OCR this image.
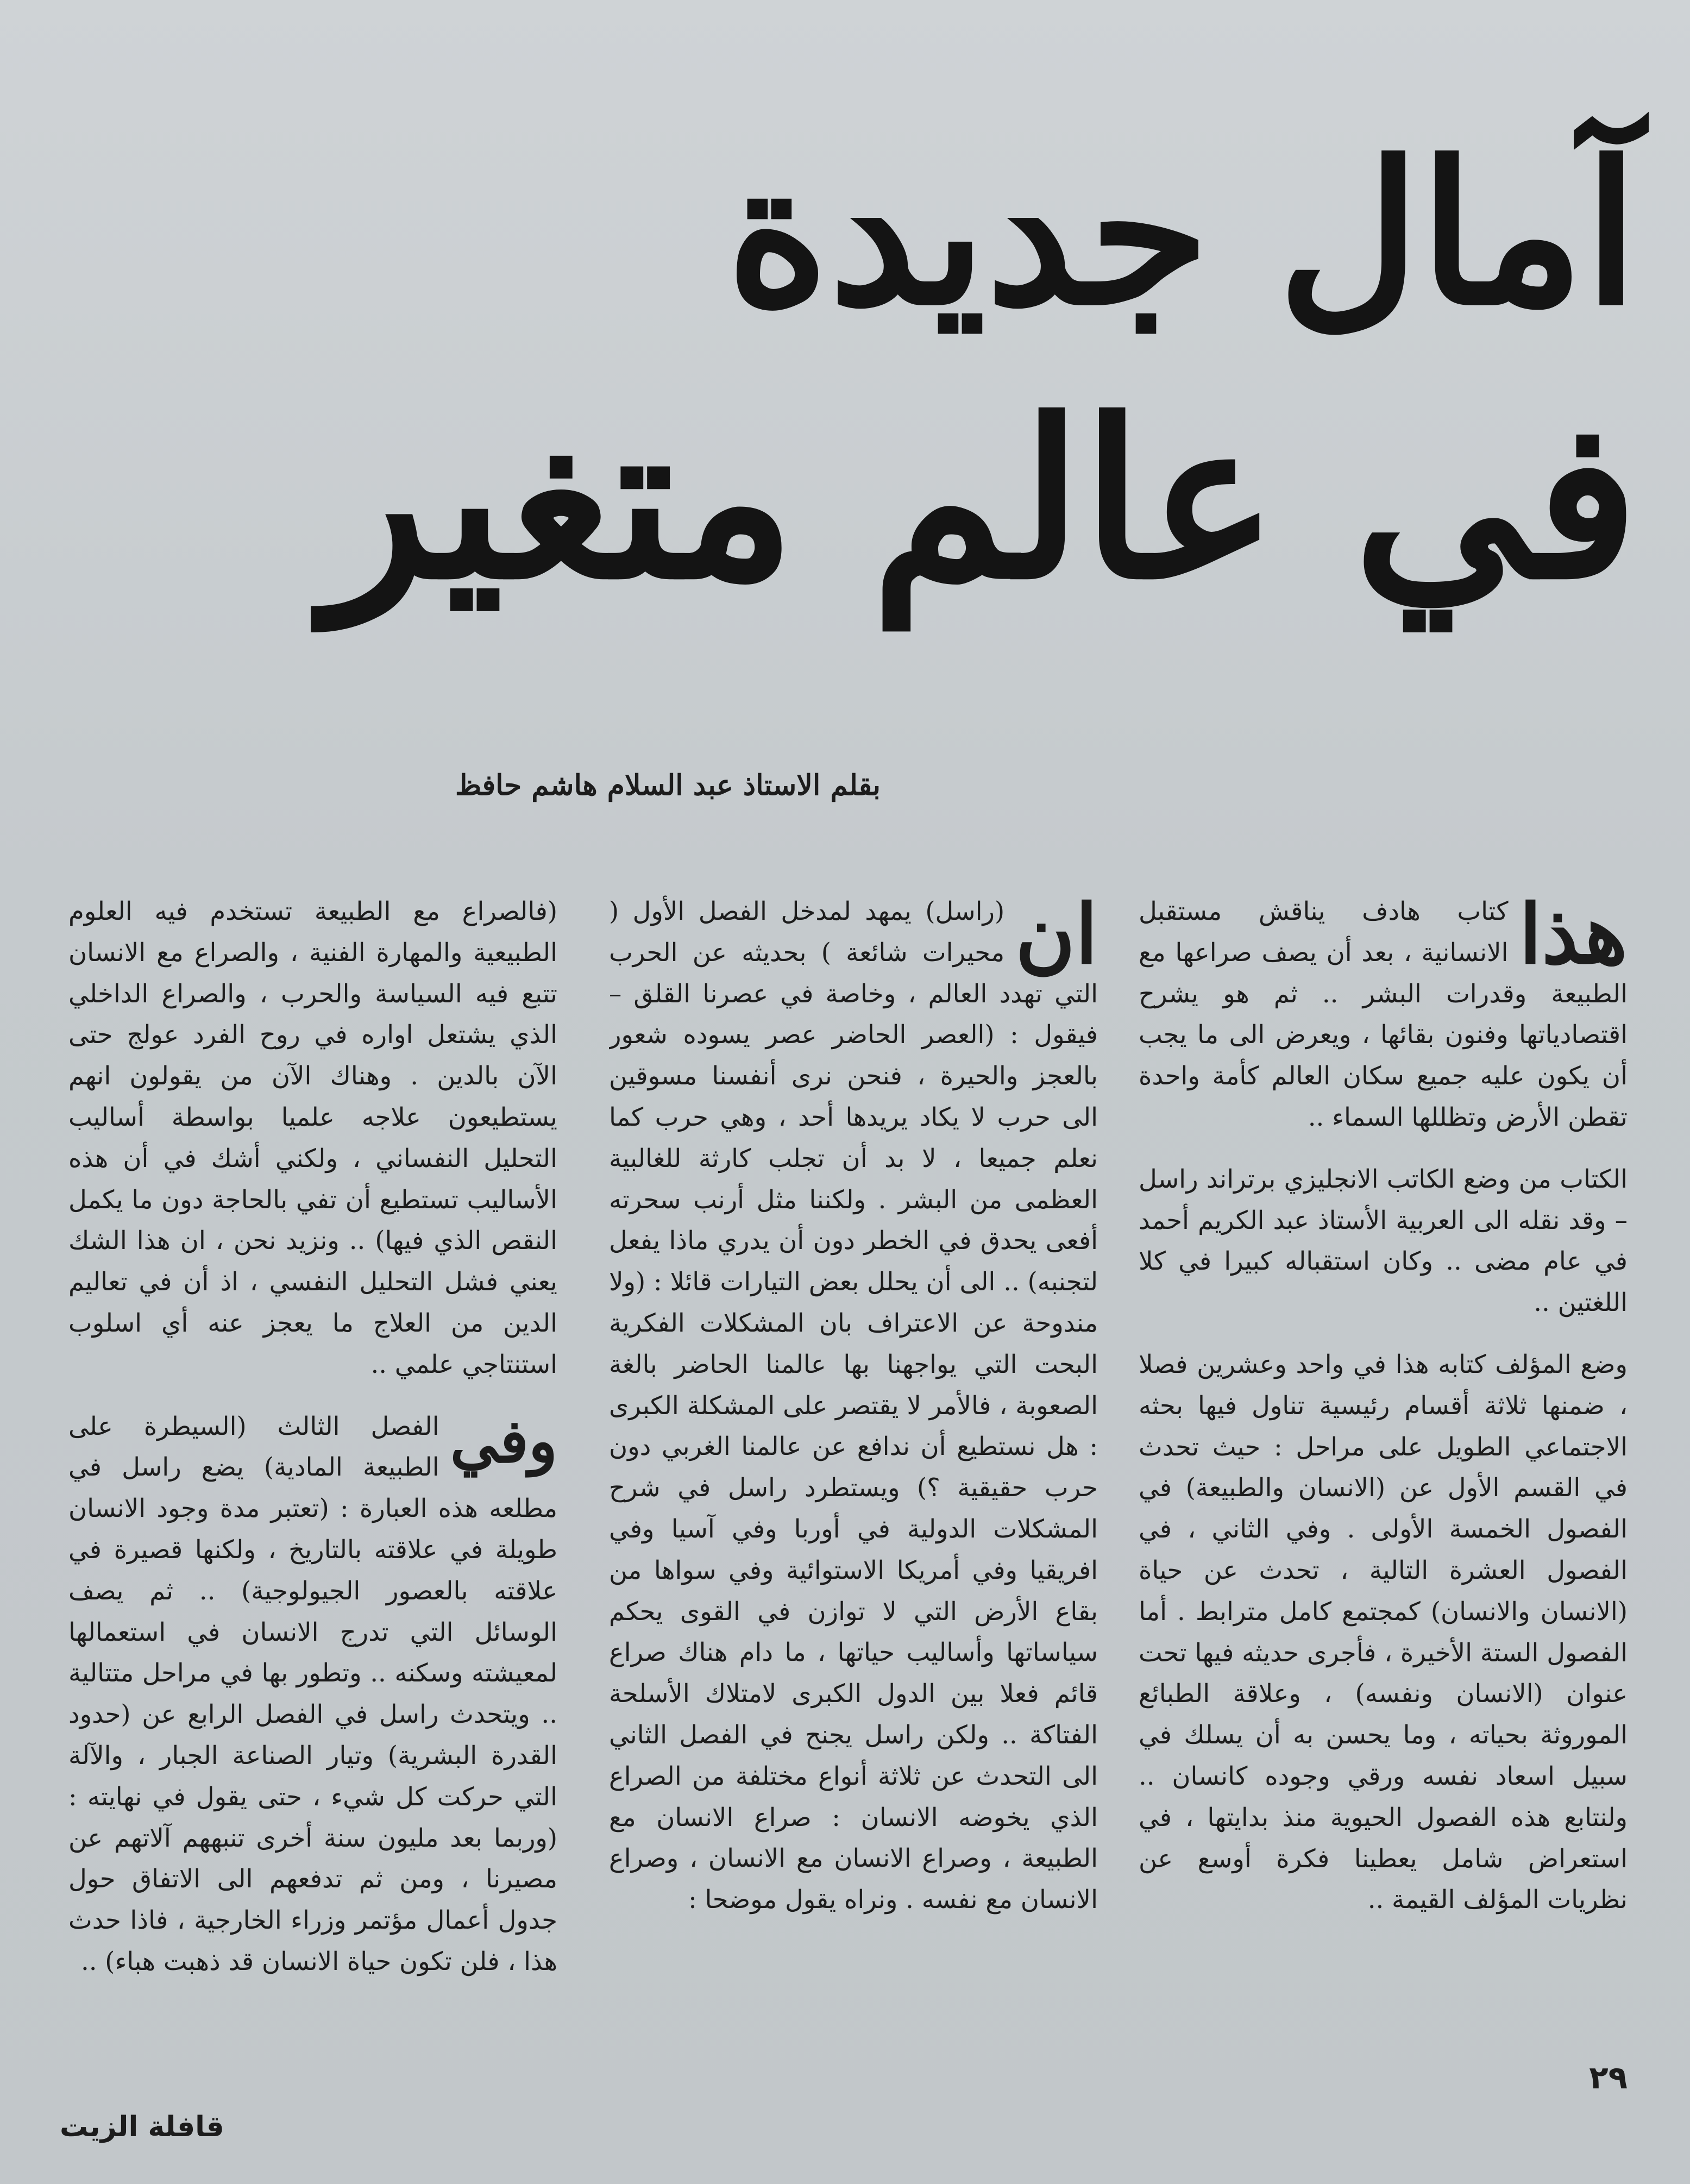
آمال جديدة
في عالم متغير
بقلم الاستاذ عبد السلام هاشم حافظ

هذا
كتاب هادف يناقش مستقبل الانسانية ، بعد أن يصف صراعها مع الطبيعة وقدرات البشر .. ثم هو يشرح اقتصادياتها وفنون بقائها ، ويعرض الى ما يجب أن يكون عليه جميع سكان العالم كأمة واحدة تقطن الأرض وتظللها السماء ..

الكتاب من وضع الكاتب الانجليزي برتراند راسل – وقد نقله الى العربية الأستاذ عبد الكريم أحمد في عام مضى .. وكان استقباله كبيرا في كلا اللغتين ..

وضع المؤلف كتابه هذا في واحد وعشرين فصلا ، ضمنها ثلاثة أقسام رئيسية تناول فيها بحثه الاجتماعي الطويل على مراحل : حيث تحدث في القسم الأول عن (الانسان والطبيعة) في الفصول الخمسة الأولى . وفي الثاني ، في الفصول العشرة التالية ، تحدث عن حياة (الانسان والانسان) كمجتمع كامل مترابط . أما الفصول الستة الأخيرة ، فأجرى حديثه فيها تحت عنوان (الانسان ونفسه) ، وعلاقة الطبائع الموروثة بحياته ، وما يحسن به أن يسلك في سبيل اسعاد نفسه ورقي وجوده كانسان .. ولنتابع هذه الفصول الحيوية منذ بدايتها ، في استعراض شامل يعطينا فكرة أوسع عن نظريات المؤلف القيمة ..

ان
(راسل) يمهد لمدخل الفصل الأول ( محيرات شائعة ) بحديثه عن الحرب التي تهدد العالم ، وخاصة في عصرنا القلق – فيقول : (العصر الحاضر عصر يسوده شعور بالعجز والحيرة ، فنحن نرى أنفسنا مسوقين الى حرب لا يكاد يريدها أحد ، وهي حرب كما نعلم جميعا ، لا بد أن تجلب كارثة للغالبية العظمى من البشر . ولكننا مثل أرنب سحرته أفعى يحدق في الخطر دون أن يدري ماذا يفعل لتجنبه) .. الى أن يحلل بعض التيارات قائلا : (ولا مندوحة عن الاعتراف بان المشكلات الفكرية البحت التي يواجهنا بها عالمنا الحاضر بالغة الصعوبة ، فالأمر لا يقتصر على المشكلة الكبرى : هل نستطيع أن ندافع عن عالمنا الغربي دون حرب حقيقية ؟) ويستطرد راسل في شرح المشكلات الدولية في أوربا وفي آسيا وفي افريقيا وفي أمريكا الاستوائية وفي سواها من بقاع الأرض التي لا توازن في القوى يحكم سياساتها وأساليب حياتها ، ما دام هناك صراع قائم فعلا بين الدول الكبرى لامتلاك الأسلحة الفتاكة .. ولكن راسل يجنح في الفصل الثاني الى التحدث عن ثلاثة أنواع مختلفة من الصراع الذي يخوضه الانسان : صراع الانسان مع الطبيعة ، وصراع الانسان مع الانسان ، وصراع الانسان مع نفسه . ونراه يقول موضحا :

(فالصراع مع الطبيعة تستخدم فيه العلوم الطبيعية والمهارة الفنية ، والصراع مع الانسان تتبع فيه السياسة والحرب ، والصراع الداخلي الذي يشتعل اواره في روح الفرد عولج حتى الآن بالدين . وهناك الآن من يقولون انهم يستطيعون علاجه علميا بواسطة أساليب التحليل النفساني ، ولكني أشك في أن هذه الأساليب تستطيع أن تفي بالحاجة دون ما يكمل النقص الذي فيها) .. ونزيد نحن ، ان هذا الشك يعني فشل التحليل النفسي ، اذ أن في تعاليم الدين من العلاج ما يعجز عنه أي اسلوب استنتاجي علمي ..

وفي
الفصل الثالث (السيطرة على الطبيعة المادية) يضع راسل في مطلعه هذه العبارة : (تعتبر مدة وجود الانسان طويلة في علاقته بالتاريخ ، ولكنها قصيرة في علاقته بالعصور الجيولوجية) .. ثم يصف الوسائل التي تدرج الانسان في استعمالها لمعيشته وسكنه .. وتطور بها في مراحل متتالية .. ويتحدث راسل في الفصل الرابع عن (حدود القدرة البشرية) وتيار الصناعة الجبار ، والآلة التي حركت كل شيء ، حتى يقول في نهايته : (وربما بعد مليون سنة أخرى تنبههم آلاتهم عن مصيرنا ، ومن ثم تدفعهم الى الاتفاق حول جدول أعمال مؤتمر وزراء الخارجية ، فاذا حدث هذا ، فلن تكون حياة الانسان قد ذهبت هباء) ..

٢٩
قافلة الزيت
